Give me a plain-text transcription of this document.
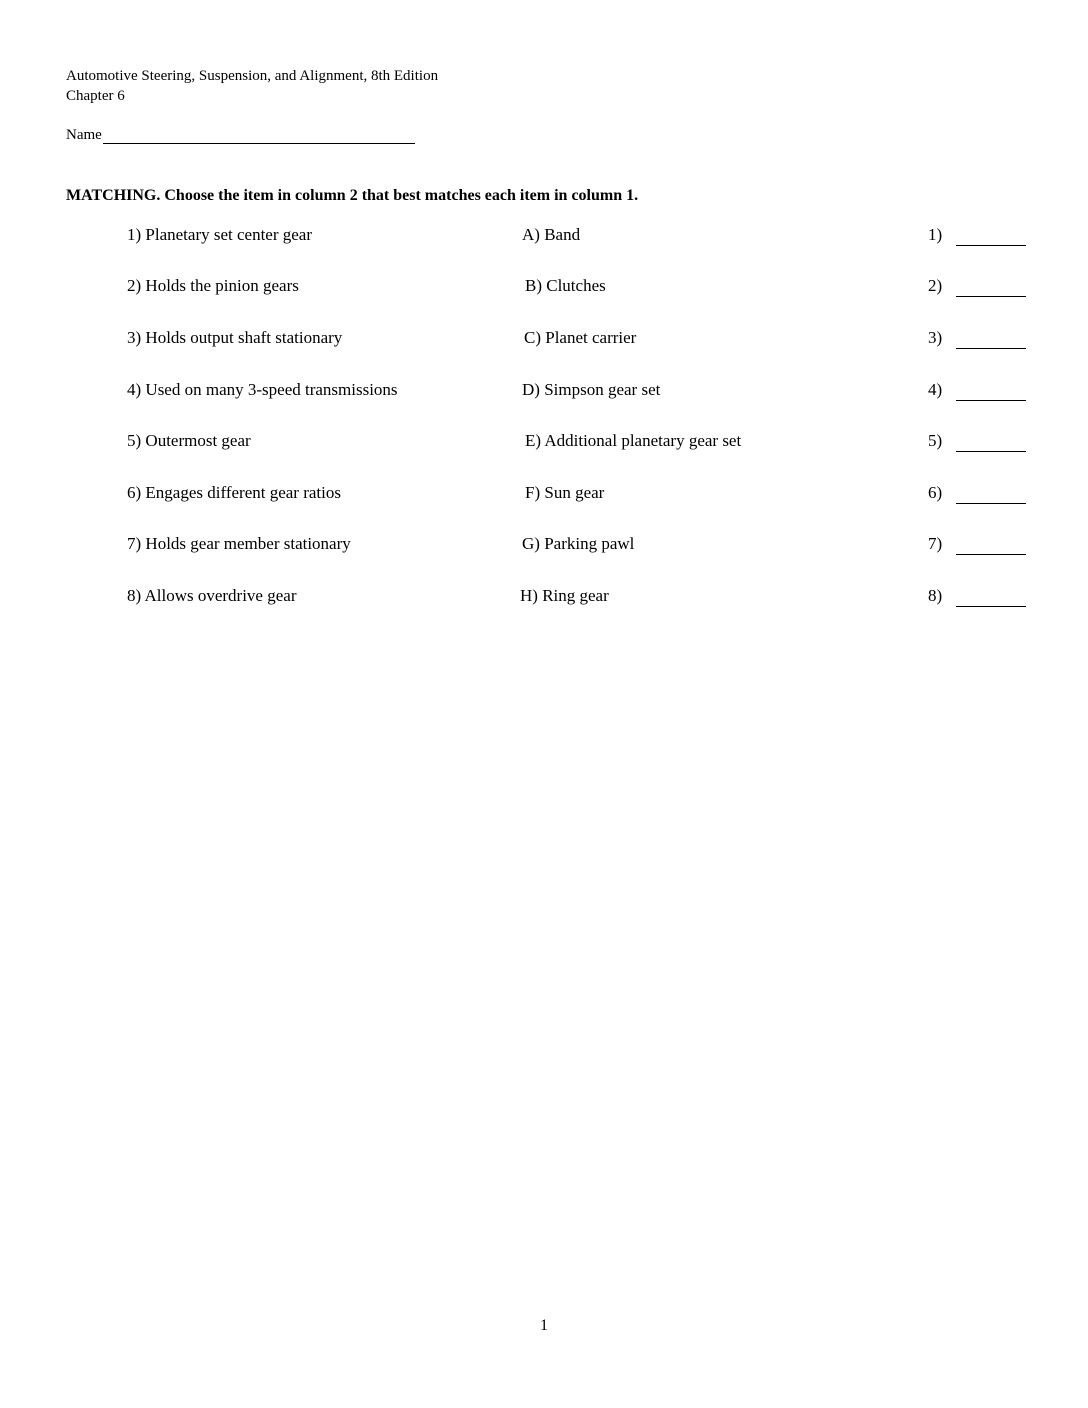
Automotive Steering, Suspension, and Alignment, 8th Edition
Chapter 6
Name
MATCHING. Choose the item in column 2 that best matches each item in column 1.
1) Planetary set center gear	A) Band	1)
2) Holds the pinion gears	B) Clutches	2)
3) Holds output shaft stationary	C) Planet carrier	3)
4) Used on many 3-speed transmissions	D) Simpson gear set	4)
5) Outermost gear	E) Additional planetary gear set	5)
6) Engages different gear ratios	F) Sun gear	6)
7) Holds gear member stationary	G) Parking pawl	7)
8) Allows overdrive gear	H) Ring gear	8)
1
